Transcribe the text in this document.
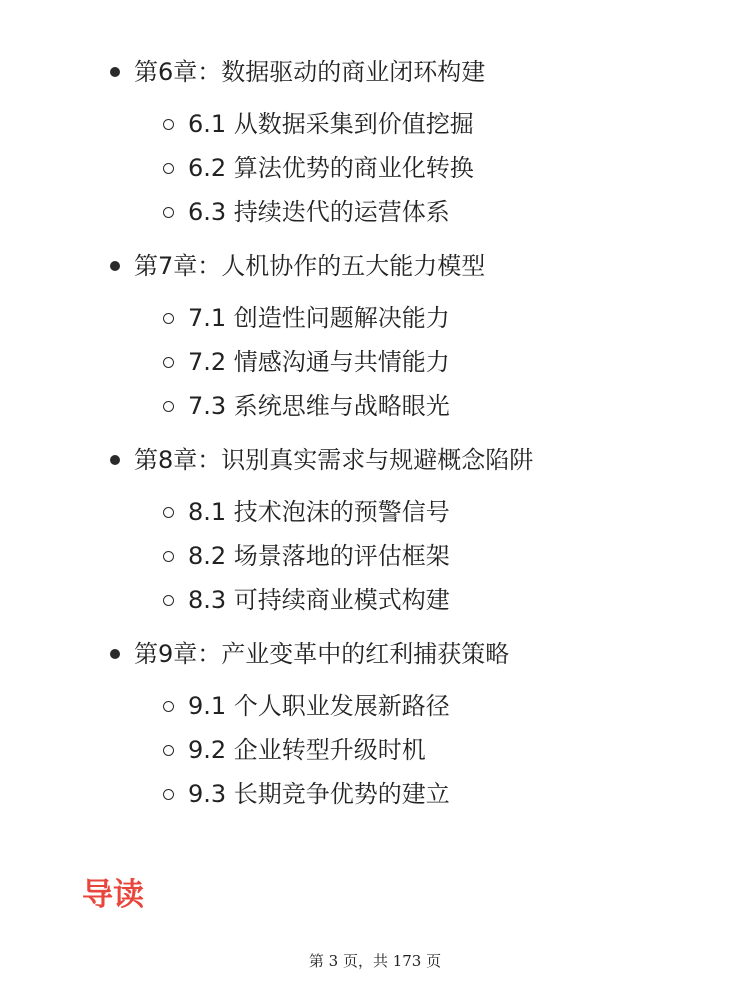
第6章：数据驱动的商业闭环构建
6.1 从数据采集到价值挖掘
6.2 算法优势的商业化转换
6.3 持续迭代的运营体系
第7章：人机协作的五大能力模型
7.1 创造性问题解决能力
7.2 情感沟通与共情能力
7.3 系统思维与战略眼光
第8章：识别真实需求与规避概念陷阱
8.1 技术泡沫的预警信号
8.2 场景落地的评估框架
8.3 可持续商业模式构建
第9章：产业变革中的红利捕获策略
9.1 个人职业发展新路径
9.2 企业转型升级时机
9.3 长期竞争优势的建立
导读
第 3 页，共 173 页
